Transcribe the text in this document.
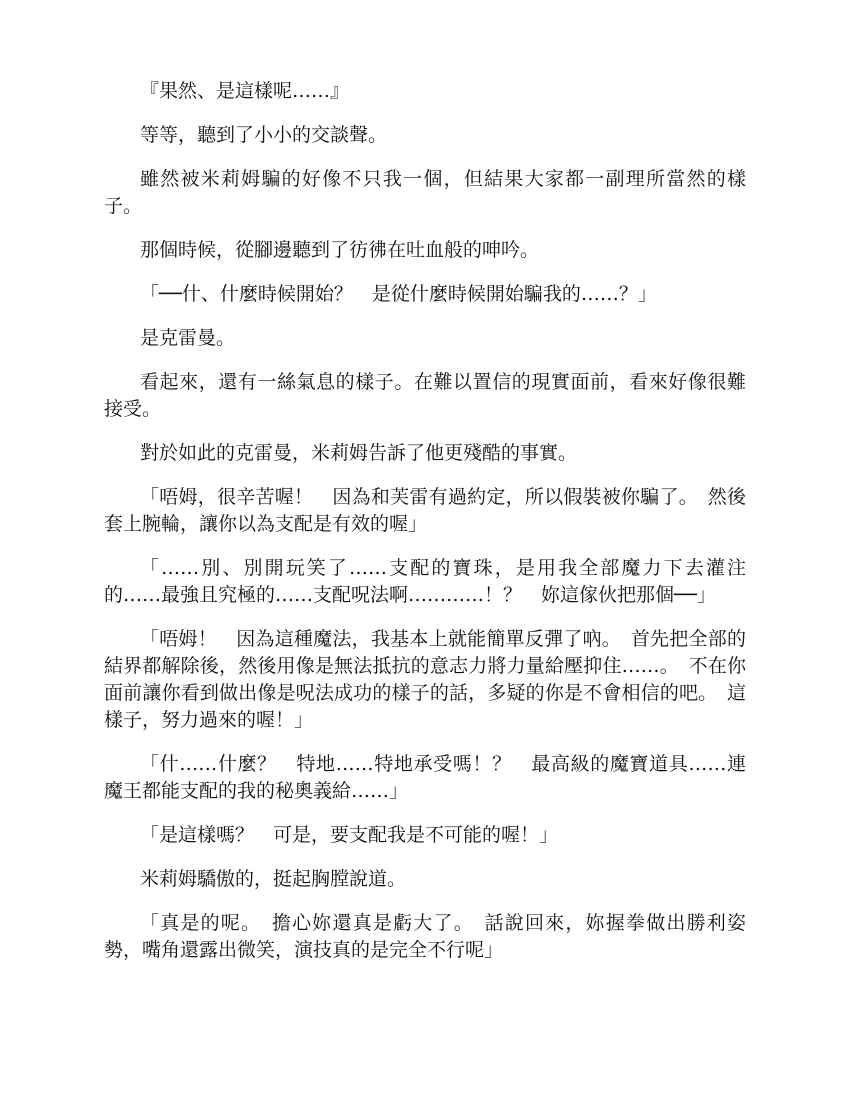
『果然、是這樣呢……』

等等，聽到了小小的交談聲。

雖然被米莉姆騙的好像不只我一個，但結果大家都一副理所當然的樣子。

那個時候，從腳邊聽到了彷彿在吐血般的呻吟。

「──什、什麼時候開始？　是從什麼時候開始騙我的……？」

是克雷曼。

看起來，還有一絲氣息的樣子。在難以置信的現實面前，看來好像很難接受。

對於如此的克雷曼，米莉姆告訴了他更殘酷的事實。

「唔姆，很辛苦喔！　因為和芙雷有過約定，所以假裝被你騙了。　然後套上腕輪，讓你以為支配是有效的喔」

「……別、別開玩笑了……支配的寶珠，是用我全部魔力下去灌注的……最強且究極的……支配呪法啊…………！？　妳這傢伙把那個──」

「唔姆！　因為這種魔法，我基本上就能簡單反彈了吶。　首先把全部的結界都解除後，然後用像是無法抵抗的意志力將力量給壓抑住……。　不在你面前讓你看到做出像是呪法成功的樣子的話，多疑的你是不會相信的吧。　這樣子，努力過來的喔！」

「什……什麼？　特地……特地承受嗎！？　最高級的魔寶道具……連魔王都能支配的我的秘奧義給……」

「是這樣嗎？　可是，要支配我是不可能的喔！」

米莉姆驕傲的，挺起胸膛說道。

「真是的呢。　擔心妳還真是虧大了。　話說回來，妳握拳做出勝利姿勢，嘴角還露出微笑，演技真的是完全不行呢」
